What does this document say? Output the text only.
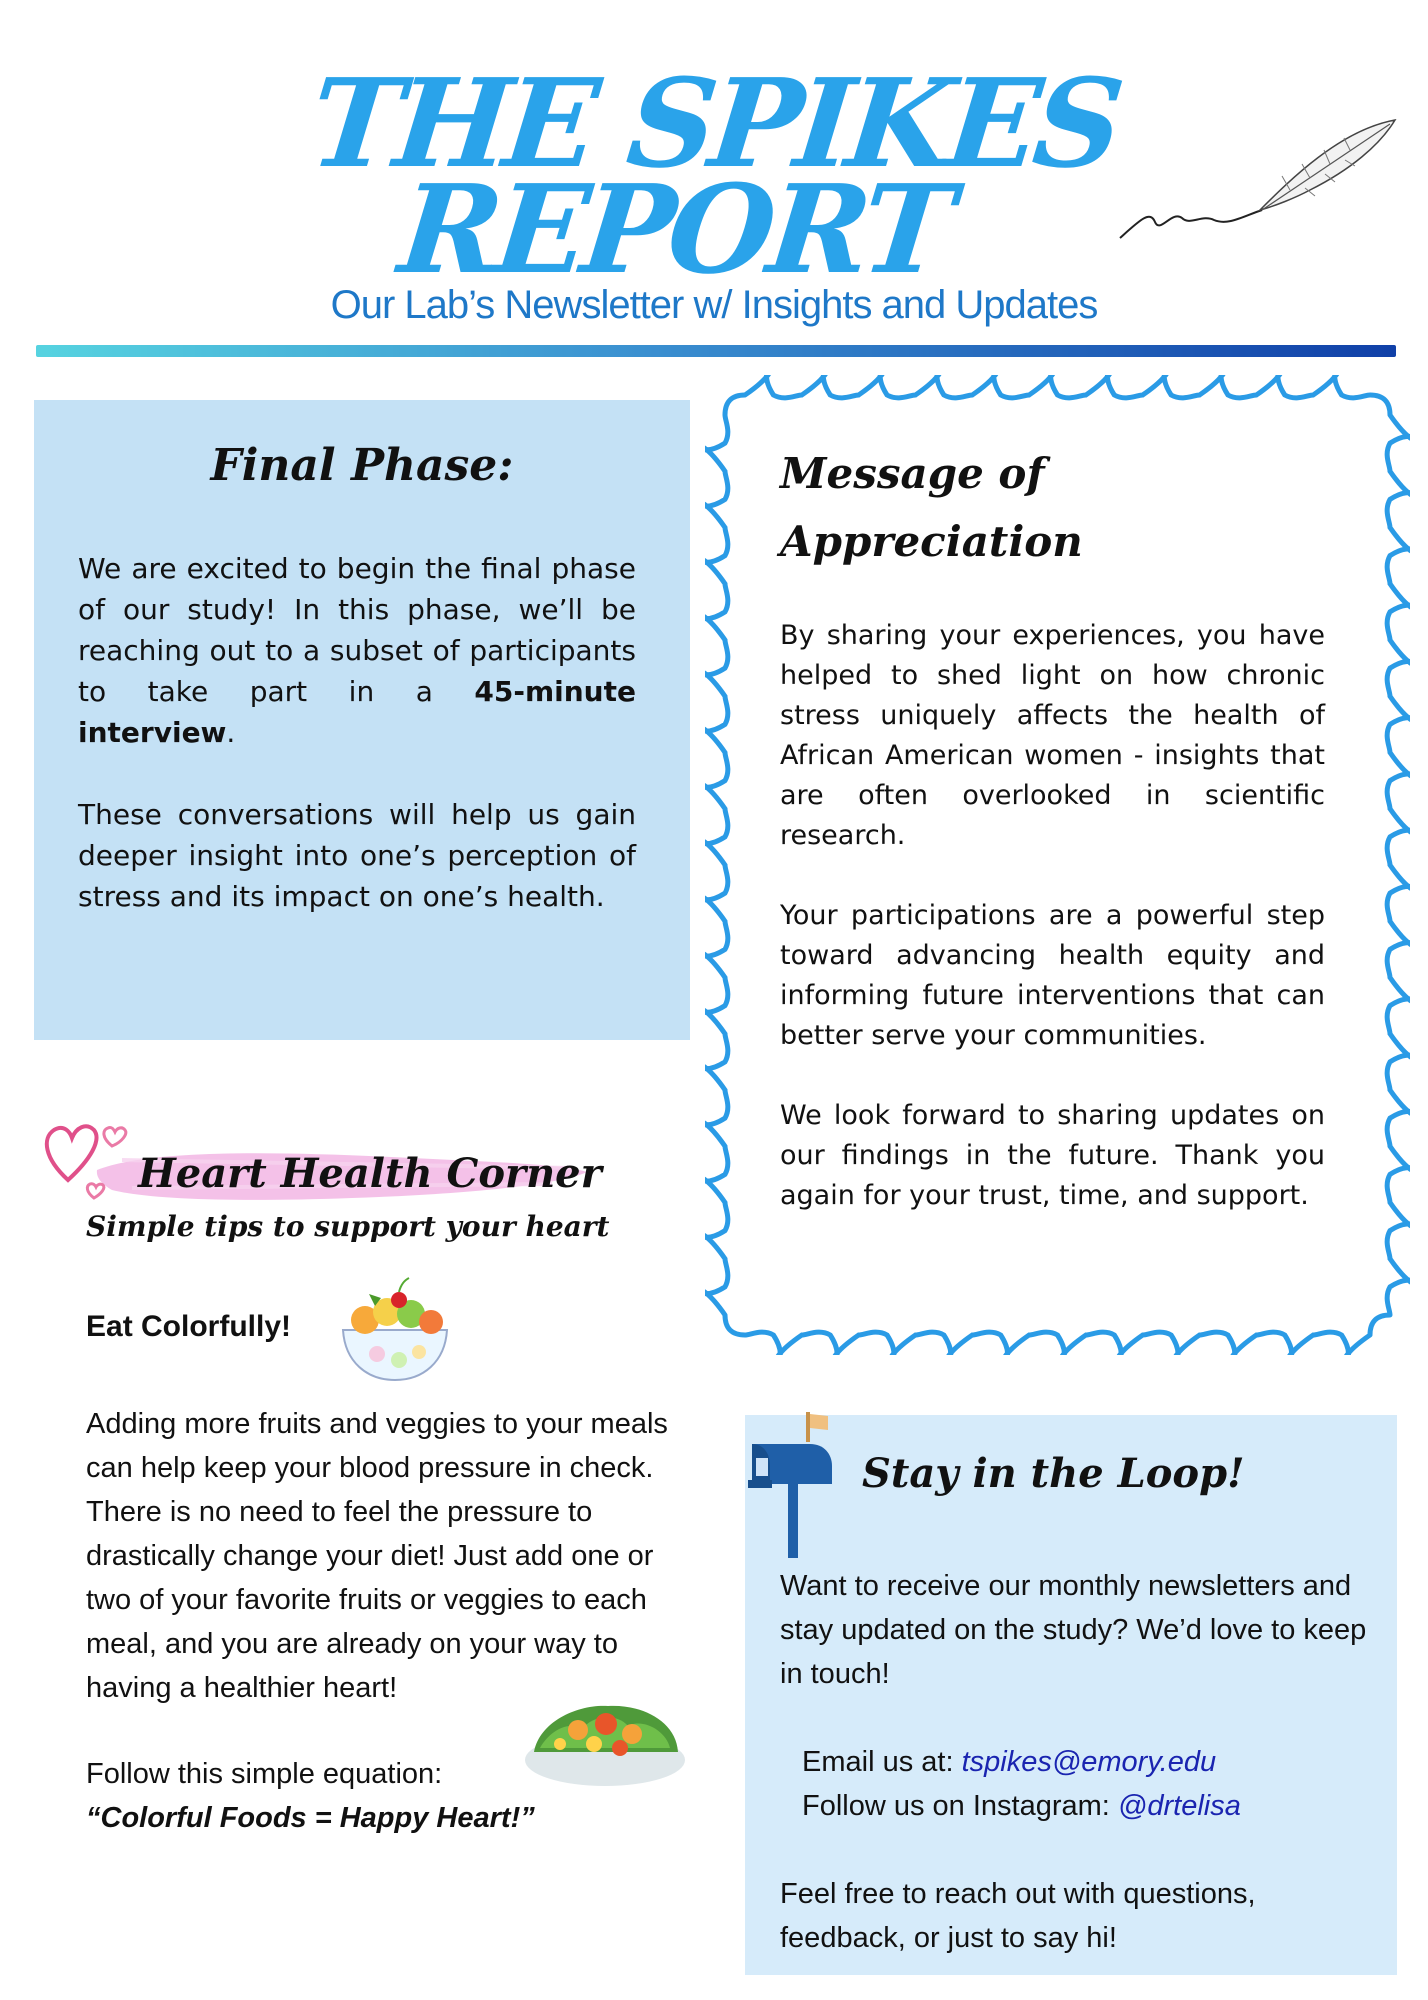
THE SPIKES
REPORT
Our Lab’s Newsletter w/ Insights and Updates
Final Phase:
We are excited to begin the final phase of our study! In this phase, we’ll be reaching out to a subset of participants to take part in a 45-minute interview.
These conversations will help us gain deeper insight into one’s perception of stress and its impact on one’s health.
Message of
Appreciation
By sharing your experiences, you have helped to shed light on how chronic stress uniquely affects the health of African American women - insights that are often overlooked in scientific research.
Your participations are a powerful step toward advancing health equity and informing future interventions that can better serve your communities.
We look forward to sharing updates on our findings in the future. Thank you again for your trust, time, and support.
Heart Health Corner
Simple tips to support your heart
Eat Colorfully!
Adding more fruits and veggies to your meals can help keep your blood pressure in check. There is no need to feel the pressure to drastically change your diet! Just add one or two of your favorite fruits or veggies to each meal, and you are already on your way to having a healthier heart!
Follow this simple equation:
“Colorful Foods = Happy Heart!”
Stay in the Loop!
Want to receive our monthly newsletters and stay updated on the study? We’d love to keep in touch!
Email us at: tspikes@emory.edu
Follow us on Instagram: @drtelisa
Feel free to reach out with questions, feedback, or just to say hi!
